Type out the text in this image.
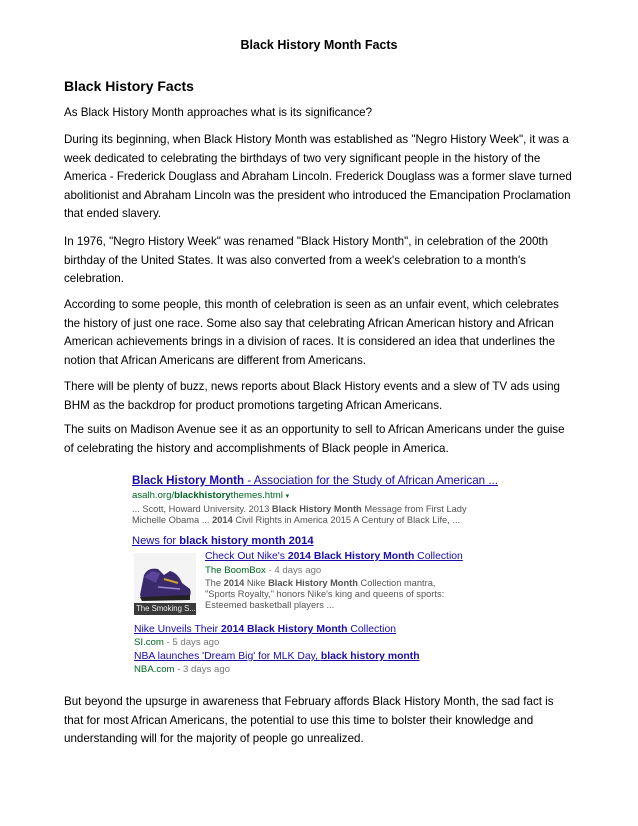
Black History Month Facts
Black History Facts

As Black History Month approaches what is its significance?

During its beginning, when Black History Month was established as "Negro History Week", it was a week dedicated to celebrating the birthdays of two very significant people in the history of the America - Frederick Douglass and Abraham Lincoln. Frederick Douglass was a former slave turned abolitionist and Abraham Lincoln was the president who introduced the Emancipation Proclamation that ended slavery.

In 1976, "Negro History Week" was renamed "Black History Month", in celebration of the 200th birthday of the United States. It was also converted from a week's celebration to a month's celebration.

According to some people, this month of celebration is seen as an unfair event, which celebrates the history of just one race. Some also say that celebrating African American history and African American achievements brings in a division of races. It is considered an idea that underlines the notion that African Americans are different from Americans.

There will be plenty of buzz, news reports about Black History events and a slew of TV ads using BHM as the backdrop for product promotions targeting African Americans.

The suits on Madison Avenue see it as an opportunity to sell to African Americans under the guise of celebrating the history and accomplishments of Black people in America.

Black History Month - Association for the Study of African American ...
asalh.org/blackhistorythemes.html ▾
... Scott, Howard University. 2013 Black History Month Message from First Lady Michelle Obama ... 2014 Civil Rights in America 2015 A Century of Black Life, ...
News for black history month 2014
The Smoking S...
Check Out Nike's 2014 Black History Month Collection
The BoomBox - 4 days ago
The 2014 Nike Black History Month Collection mantra, "Sports Royalty," honors Nike's king and queens of sports: Esteemed basketball players ...
Nike Unveils Their 2014 Black History Month Collection
SI.com - 5 days ago
NBA launches 'Dream Big' for MLK Day, black history month
NBA.com - 3 days ago

But beyond the upsurge in awareness that February affords Black History Month, the sad fact is that for most African Americans, the potential to use this time to bolster their knowledge and understanding will for the majority of people go unrealized.
